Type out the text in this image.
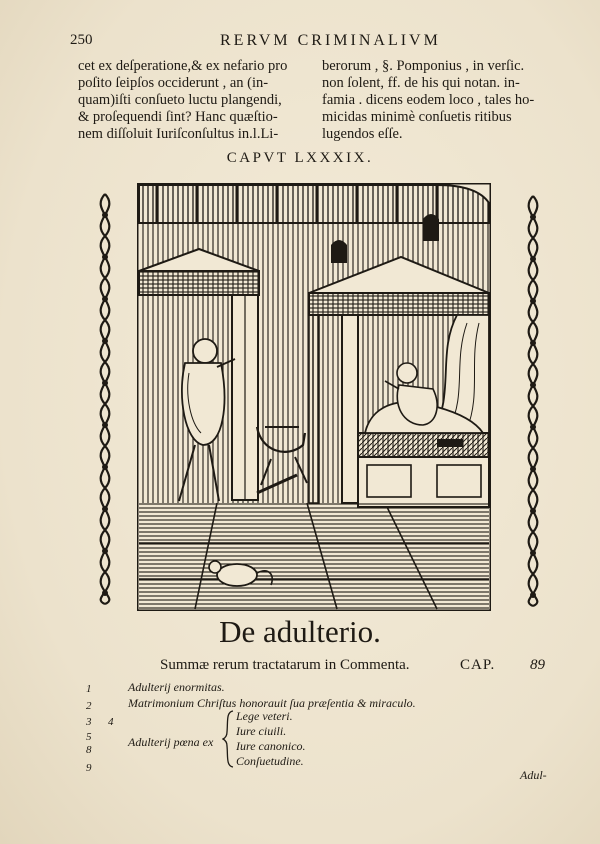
250	RERVM CRIMINALIVM
cet ex deſperatione,& ex nefario pro
poſito ſeipſos occiderunt , an (in-
quam)iſti conſueto luctu plangendi,
& proſequendi ſint? Hanc quæſtio-
nem diſſoluit Iuriſconſultus in.l.Li-
berorum , §. Pomponius , in verſic.
non ſolent, ff. de his qui notan. in-
famia . dicens eodem loco , tales ho-
micidas minimè conſuetis ritibus
lugendos eſſe.
CAPVT LXXXIX.
De adulterio.
Summæ rerum tractatarum in Commenta.	CAP. 89
1
2
3 4
5
8
9
Adulterij enormitas.
Matrimonium Chriſtus honorauit ſua præſentia & miraculo.
Adulterij pœna ex
Lege veteri.
Iure ciuili.
Iure canonico.
Conſuetudine.
Adul-
